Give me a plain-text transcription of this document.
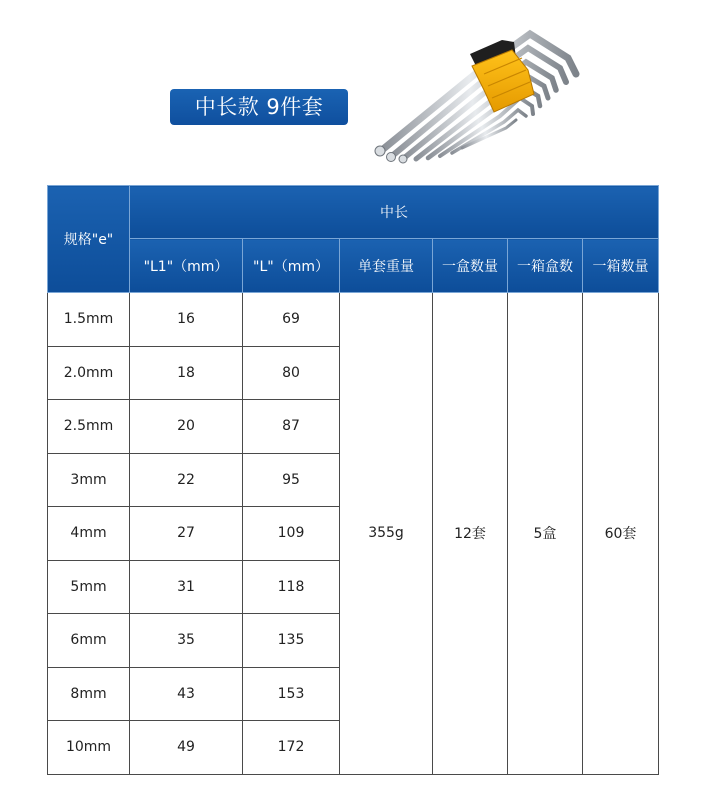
中长款 9件套
规格"e"	中长					
	"L1"（mm）	"L"（mm）	单套重量	一盒数量	一箱盒数	一箱数量
1.5mm	16	69	355g	12套	5盒	60套
2.0mm	18	80				
2.5mm	20	87				
3mm	22	95				
4mm	27	109				
5mm	31	118				
6mm	35	135				
8mm	43	153				
10mm	49	172				
